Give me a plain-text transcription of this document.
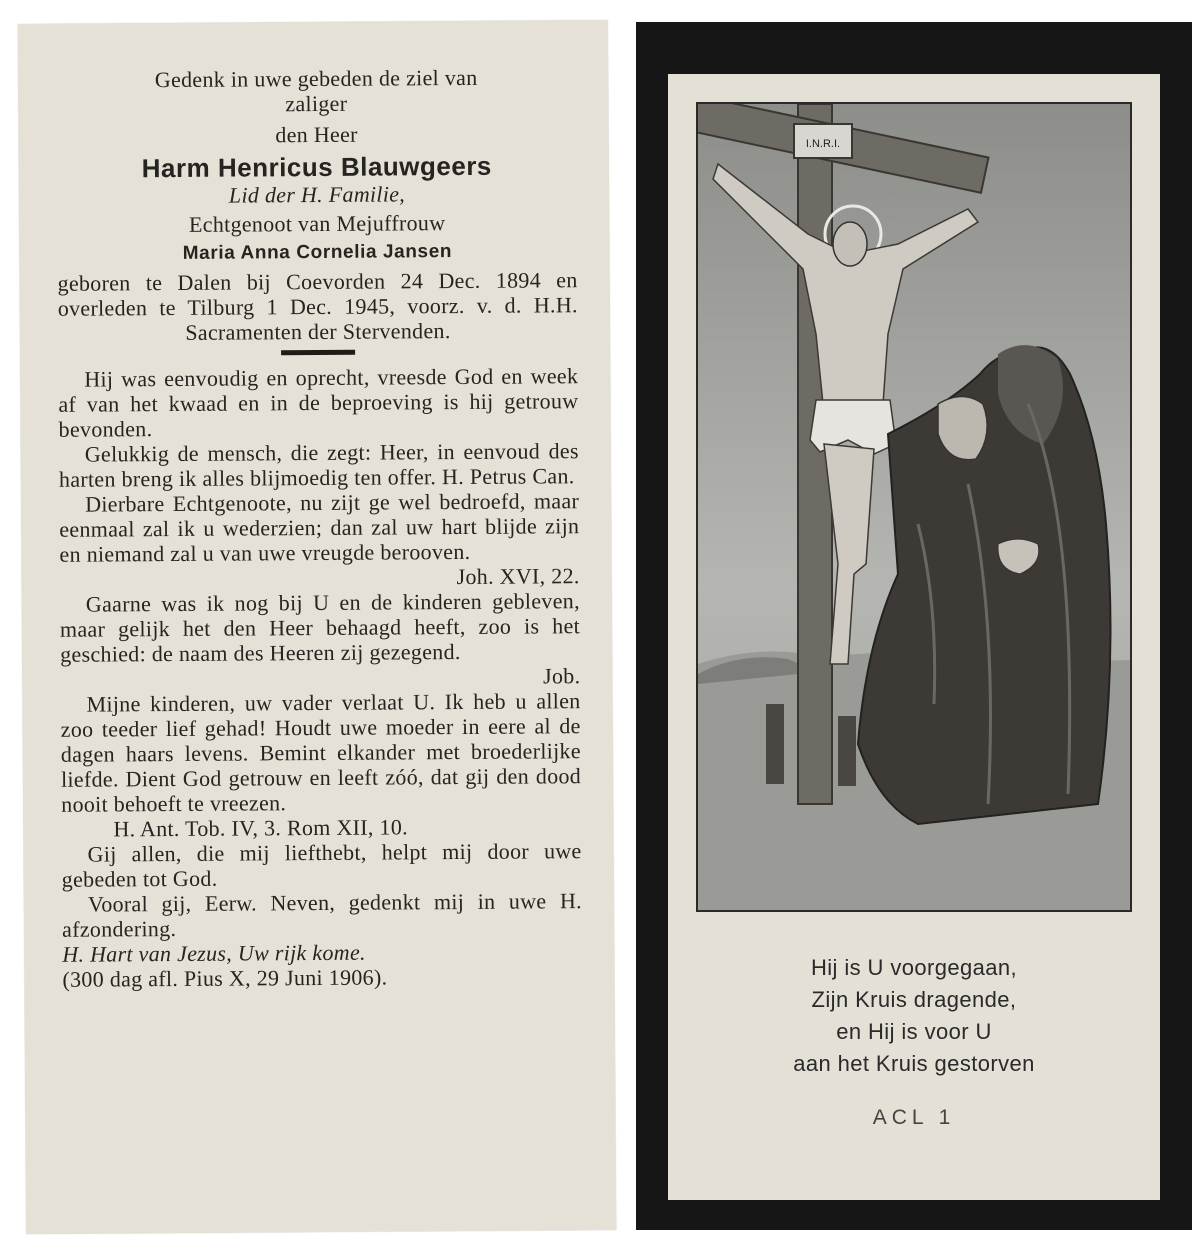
Gedenk in uwe gebeden de ziel van

zaliger

den Heer

Harm Henricus Blauwgeers

Lid der H. Familie,

Echtgenoot van Mejuffrouw

Maria Anna Cornelia Jansen

geboren te Dalen bij Coevorden 24 Dec. 1894 en overleden te Tilburg 1 Dec. 1945, voorz. v. d. H.H. Sacramenten der Stervenden.

Hij was eenvoudig en oprecht, vreesde God en week af van het kwaad en in de beproeving is hij getrouw bevonden.

Gelukkig de mensch, die zegt: Heer, in eenvoud des harten breng ik alles blijmoedig ten offer. H. Petrus Can.

Dierbare Echtgenoote, nu zijt ge wel bedroefd, maar eenmaal zal ik u wederzien; dan zal uw hart blijde zijn en niemand zal u van uwe vreugde berooven.
Joh. XVI, 22.

Gaarne was ik nog bij U en de kinderen gebleven, maar gelijk het den Heer behaagd heeft, zoo is het geschied: de naam des Heeren zij gezegend.
Job.

Mijne kinderen, uw vader verlaat U. Ik heb u allen zoo teeder lief gehad! Houdt uwe moeder in eere al de dagen haars levens. Bemint elkander met broederlijke liefde. Dient God getrouw en leeft zóó, dat gij den dood nooit behoeft te vreezen.
H. Ant. Tob. IV, 3. Rom XII, 10.

Gij allen, die mij liefthebt, helpt mij door uwe gebeden tot God.

Vooral gij, Eerw. Neven, gedenkt mij in uwe H. afzondering.

H. Hart van Jezus, Uw rijk kome.

(300 dag afl. Pius X, 29 Juni 1906).

I.N.R.I.
Hij is U voorgegaan,
Zijn Kruis dragende,
en Hij is voor U
aan het Kruis gestorven
ACL 1
